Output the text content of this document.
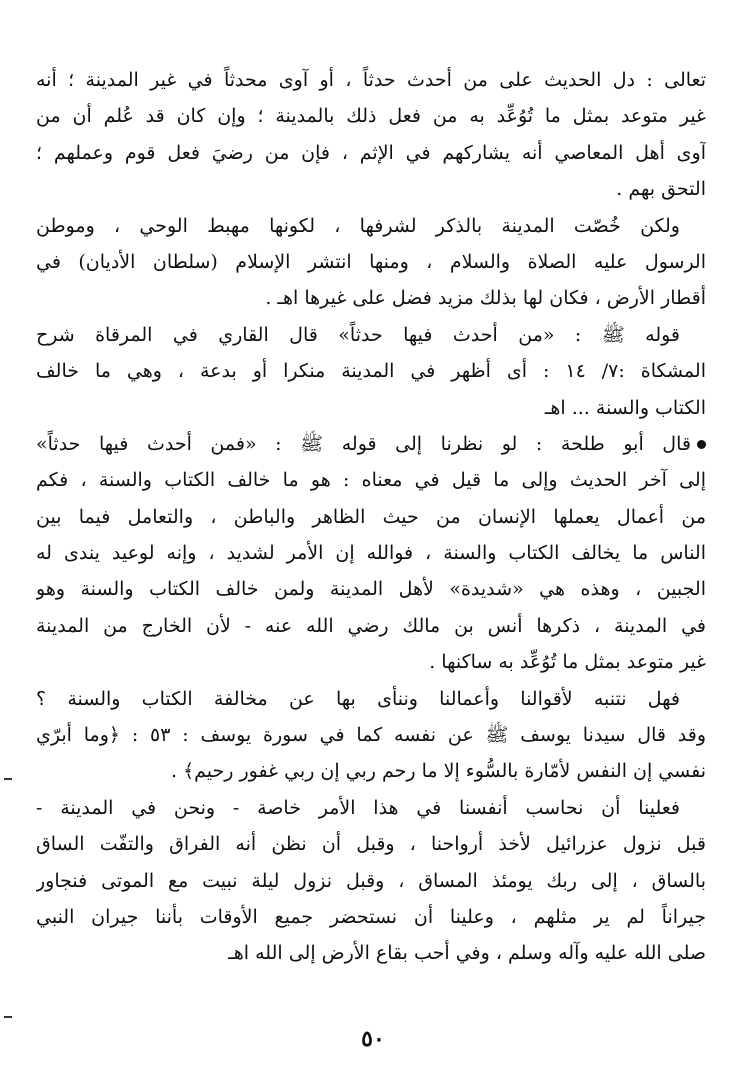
تعالى : دل الحديث على من أحدث حدثاً ، أو آوى محدثاً في غير المدينة ؛ أنه
غير متوعد بمثل ما تُوُعِّد به من فعل ذلك بالمدينة ؛ وإن كان قد عُلم أن من
آوى أهل المعاصي أنه يشاركهم في الإثم ، فإن من رضيَ فعل قوم وعملهم ؛
التحق بهم .
ولكن خُصّت المدينة بالذكر لشرفها ، لكونها مهبط الوحي ، وموطن
الرسول عليه الصلاة والسلام ، ومنها انتشر الإسلام (سلطان الأديان) في
أقطار الأرض ، فكان لها بذلك مزيد فضل على غيرها اهـ .
قوله ﷺ : «من أحدث فيها حدثاً» قال القاري في المرقاة شرح
المشكاة :٧/ ١٤ : أى أظهر في المدينة منكرا أو بدعة ، وهي ما خالف
الكتاب والسنة ... اهـ
قال أبو طلحة : لو نظرنا إلى قوله ﷺ : «فمن أحدث فيها حدثاً»
إلى آخر الحديث وإلى ما قيل في معناه : هو ما خالف الكتاب والسنة ، فكم
من أعمال يعملها الإنسان من حيث الظاهر والباطن ، والتعامل فيما بين
الناس ما يخالف الكتاب والسنة ، فوالله إن الأمر لشديد ، وإنه لوعيد يندى له
الجبين ، وهذه هي «شديدة» لأهل المدينة ولمن خالف الكتاب والسنة وهو
في المدينة ، ذكرها أنس بن مالك رضي الله عنه - لأن الخارج من المدينة
غير متوعد بمثل ما تُوُعِّد به ساكنها .
فهل نتنبه لأقوالنا وأعمالنا وننأى بها عن مخالفة الكتاب والسنة ؟
وقد قال سيدنا يوسف ﷺ عن نفسه كما في سورة يوسف : ٥٣ : ﴿وما أبرّي
نفسي إن النفس لأمّارة بالسُّوء إلا ما رحم ربي إن ربي غفور رحيم﴾ .
فعلينا أن نحاسب أنفسنا في هذا الأمر خاصة - ونحن في المدينة -
قبل نزول عزرائيل لأخذ أرواحنا ، وقبل أن نظن أنه الفراق والتفّت الساق
بالساق ، إلى ربك يومئذ المساق ، وقبل نزول ليلة نبيت مع الموتى فنجاور
جيراناً لم ير مثلهم ، وعلينا أن نستحضر جميع الأوقات بأننا جيران النبي
صلى الله عليه وآله وسلم ، وفي أحب بقاع الأرض إلى الله اهـ
٥٠
